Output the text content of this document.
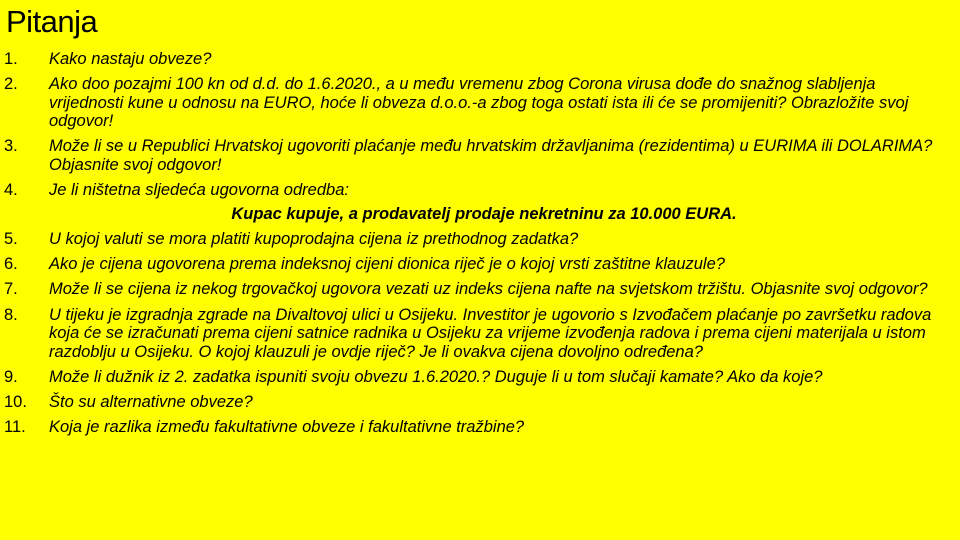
Pitanja
1. Kako nastaju obveze?
2. Ako doo pozajmi 100 kn od d.d. do 1.6.2020., a u među vremenu zbog Corona virusa dođe do snažnog slabljenja vrijednosti kune u odnosu na EURO, hoće li obveza d.o.o.-a zbog toga ostati ista ili će se promijeniti? Obrazložite svoj odgovor!
3. Može li se u Republici Hrvatskoj ugovoriti plaćanje među hrvatskim državljanima (rezidentima) u EURIMA ili DOLARIMA? Objasnite svoj odgovor!
4. Je li ništetna sljedeća ugovorna odredba:
Kupac kupuje, a prodavatelj prodaje nekretninu za 10.000 EURA.
5. U kojoj valuti se mora platiti kupoprodajna cijena iz prethodnog zadatka?
6. Ako je cijena ugovorena prema indeksnoj cijeni dionica riječ je o kojoj vrsti zaštitne klauzule?
7. Može li se cijena iz nekog trgovačkoj ugovora vezati uz indeks cijena nafte na svjetskom tržištu. Objasnite svoj odgovor?
8. U tijeku je izgradnja zgrade na Divaltovoj ulici u Osijeku. Investitor je ugovorio s Izvođačem plaćanje po završetku radova koja će se izračunati prema cijeni satnice radnika u Osijeku za vrijeme izvođenja radova i prema cijeni materijala u istom razdoblju u Osijeku. O kojoj klauzuli je ovdje riječ? Je li ovakva cijena dovoljno određena?
9. Može li dužnik iz 2. zadatka ispuniti svoju obvezu 1.6.2020.? Duguje li u tom slučaji kamate? Ako da koje?
10. Što su alternativne obveze?
11. Koja je razlika između fakultativne obveze i fakultativne tražbine?
